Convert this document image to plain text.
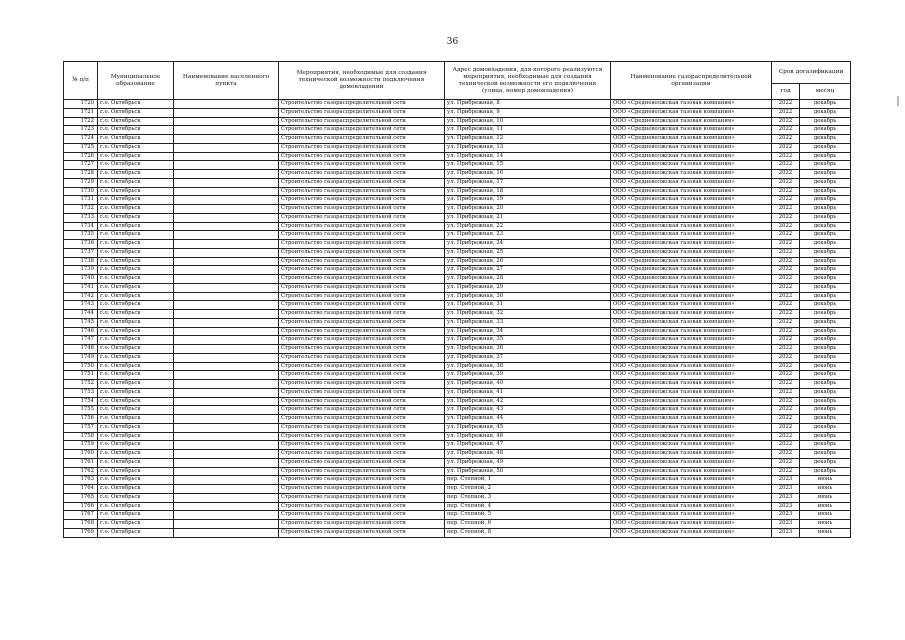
36
№ п/п	Муниципальное образование	Наименование населенного пункта	Мероприятия, необходимые для создания технической возможности подключения домовладений	Адрес домовладения, для которого реализуются мероприятия, необходимые для создания технической возможности его подключения (улица, номер домовладения)	Наименование газораспределительной организации	Срок догазификации	
						год	месяц
1720	г.о. Октябрьск		Строительство газораспределительной сети	ул. Прибрежная, 8	ООО «Средневолжская газовая компания»	2022	декабрь
1721	г.о. Октябрьск		Строительство газораспределительной сети	ул. Прибрежная, 9	ООО «Средневолжская газовая компания»	2022	декабрь
1722	г.о. Октябрьск		Строительство газораспределительной сети	ул. Прибрежная, 10	ООО «Средневолжская газовая компания»	2022	декабрь
1723	г.о. Октябрьск		Строительство газораспределительной сети	ул. Прибрежная, 11	ООО «Средневолжская газовая компания»	2022	декабрь
1724	г.о. Октябрьск		Строительство газораспределительной сети	ул. Прибрежная, 12	ООО «Средневолжская газовая компания»	2022	декабрь
1725	г.о. Октябрьск		Строительство газораспределительной сети	ул. Прибрежная, 13	ООО «Средневолжская газовая компания»	2022	декабрь
1726	г.о. Октябрьск		Строительство газораспределительной сети	ул. Прибрежная, 14	ООО «Средневолжская газовая компания»	2022	декабрь
1727	г.о. Октябрьск		Строительство газораспределительной сети	ул. Прибрежная, 15	ООО «Средневолжская газовая компания»	2022	декабрь
1728	г.о. Октябрьск		Строительство газораспределительной сети	ул. Прибрежная, 16	ООО «Средневолжская газовая компания»	2022	декабрь
1729	г.о. Октябрьск		Строительство газораспределительной сети	ул. Прибрежная, 17	ООО «Средневолжская газовая компания»	2022	декабрь
1730	г.о. Октябрьск		Строительство газораспределительной сети	ул. Прибрежная, 18	ООО «Средневолжская газовая компания»	2022	декабрь
1731	г.о. Октябрьск		Строительство газораспределительной сети	ул. Прибрежная, 19	ООО «Средневолжская газовая компания»	2022	декабрь
1732	г.о. Октябрьск		Строительство газораспределительной сети	ул. Прибрежная, 20	ООО «Средневолжская газовая компания»	2022	декабрь
1733	г.о. Октябрьск		Строительство газораспределительной сети	ул. Прибрежная, 21	ООО «Средневолжская газовая компания»	2022	декабрь
1734	г.о. Октябрьск		Строительство газораспределительной сети	ул. Прибрежная, 22	ООО «Средневолжская газовая компания»	2022	декабрь
1735	г.о. Октябрьск		Строительство газораспределительной сети	ул. Прибрежная, 23	ООО «Средневолжская газовая компания»	2022	декабрь
1736	г.о. Октябрьск		Строительство газораспределительной сети	ул. Прибрежная, 24	ООО «Средневолжская газовая компания»	2022	декабрь
1737	г.о. Октябрьск		Строительство газораспределительной сети	ул. Прибрежная, 25	ООО «Средневолжская газовая компания»	2022	декабрь
1738	г.о. Октябрьск		Строительство газораспределительной сети	ул. Прибрежная, 26	ООО «Средневолжская газовая компания»	2022	декабрь
1739	г.о. Октябрьск		Строительство газораспределительной сети	ул. Прибрежная, 27	ООО «Средневолжская газовая компания»	2022	декабрь
1740	г.о. Октябрьск		Строительство газораспределительной сети	ул. Прибрежная, 28	ООО «Средневолжская газовая компания»	2022	декабрь
1741	г.о. Октябрьск		Строительство газораспределительной сети	ул. Прибрежная, 29	ООО «Средневолжская газовая компания»	2022	декабрь
1742	г.о. Октябрьск		Строительство газораспределительной сети	ул. Прибрежная, 30	ООО «Средневолжская газовая компания»	2022	декабрь
1743	г.о. Октябрьск		Строительство газораспределительной сети	ул. Прибрежная, 31	ООО «Средневолжская газовая компания»	2022	декабрь
1744	г.о. Октябрьск		Строительство газораспределительной сети	ул. Прибрежная, 32	ООО «Средневолжская газовая компания»	2022	декабрь
1745	г.о. Октябрьск		Строительство газораспределительной сети	ул. Прибрежная, 33	ООО «Средневолжская газовая компания»	2022	декабрь
1746	г.о. Октябрьск		Строительство газораспределительной сети	ул. Прибрежная, 34	ООО «Средневолжская газовая компания»	2022	декабрь
1747	г.о. Октябрьск		Строительство газораспределительной сети	ул. Прибрежная, 35	ООО «Средневолжская газовая компания»	2022	декабрь
1748	г.о. Октябрьск		Строительство газораспределительной сети	ул. Прибрежная, 36	ООО «Средневолжская газовая компания»	2022	декабрь
1749	г.о. Октябрьск		Строительство газораспределительной сети	ул. Прибрежная, 37	ООО «Средневолжская газовая компания»	2022	декабрь
1750	г.о. Октябрьск		Строительство газораспределительной сети	ул. Прибрежная, 38	ООО «Средневолжская газовая компания»	2022	декабрь
1751	г.о. Октябрьск		Строительство газораспределительной сети	ул. Прибрежная, 39	ООО «Средневолжская газовая компания»	2022	декабрь
1752	г.о. Октябрьск		Строительство газораспределительной сети	ул. Прибрежная, 40	ООО «Средневолжская газовая компания»	2022	декабрь
1753	г.о. Октябрьск		Строительство газораспределительной сети	ул. Прибрежная, 41	ООО «Средневолжская газовая компания»	2022	декабрь
1754	г.о. Октябрьск		Строительство газораспределительной сети	ул. Прибрежная, 42	ООО «Средневолжская газовая компания»	2022	декабрь
1755	г.о. Октябрьск		Строительство газораспределительной сети	ул. Прибрежная, 43	ООО «Средневолжская газовая компания»	2022	декабрь
1756	г.о. Октябрьск		Строительство газораспределительной сети	ул. Прибрежная, 44	ООО «Средневолжская газовая компания»	2022	декабрь
1757	г.о. Октябрьск		Строительство газораспределительной сети	ул. Прибрежная, 45	ООО «Средневолжская газовая компания»	2022	декабрь
1758	г.о. Октябрьск		Строительство газораспределительной сети	ул. Прибрежная, 46	ООО «Средневолжская газовая компания»	2022	декабрь
1759	г.о. Октябрьск		Строительство газораспределительной сети	ул. Прибрежная, 47	ООО «Средневолжская газовая компания»	2022	декабрь
1760	г.о. Октябрьск		Строительство газораспределительной сети	ул. Прибрежная, 48	ООО «Средневолжская газовая компания»	2022	декабрь
1761	г.о. Октябрьск		Строительство газораспределительной сети	ул. Прибрежная, 49	ООО «Средневолжская газовая компания»	2022	декабрь
1762	г.о. Октябрьск		Строительство газораспределительной сети	ул. Прибрежная, 50	ООО «Средневолжская газовая компания»	2022	декабрь
1763	г.о. Октябрьск		Строительство газораспределительной сети	пер. Степной, 1	ООО «Средневолжская газовая компания»	2023	июнь
1764	г.о. Октябрьск		Строительство газораспределительной сети	пер. Степной, 2	ООО «Средневолжская газовая компания»	2023	июнь
1765	г.о. Октябрьск		Строительство газораспределительной сети	пер. Степной, 3	ООО «Средневолжская газовая компания»	2023	июнь
1766	г.о. Октябрьск		Строительство газораспределительной сети	пер. Степной, 4	ООО «Средневолжская газовая компания»	2023	июнь
1767	г.о. Октябрьск		Строительство газораспределительной сети	пер. Степной, 5	ООО «Средневолжская газовая компания»	2023	июнь
1768	г.о. Октябрьск		Строительство газораспределительной сети	пер. Степной, 6	ООО «Средневолжская газовая компания»	2023	июнь
1769	г.о. Октябрьск		Строительство газораспределительной сети	пер. Степной, 8	ООО «Средневолжская газовая компания»	2023	июнь
